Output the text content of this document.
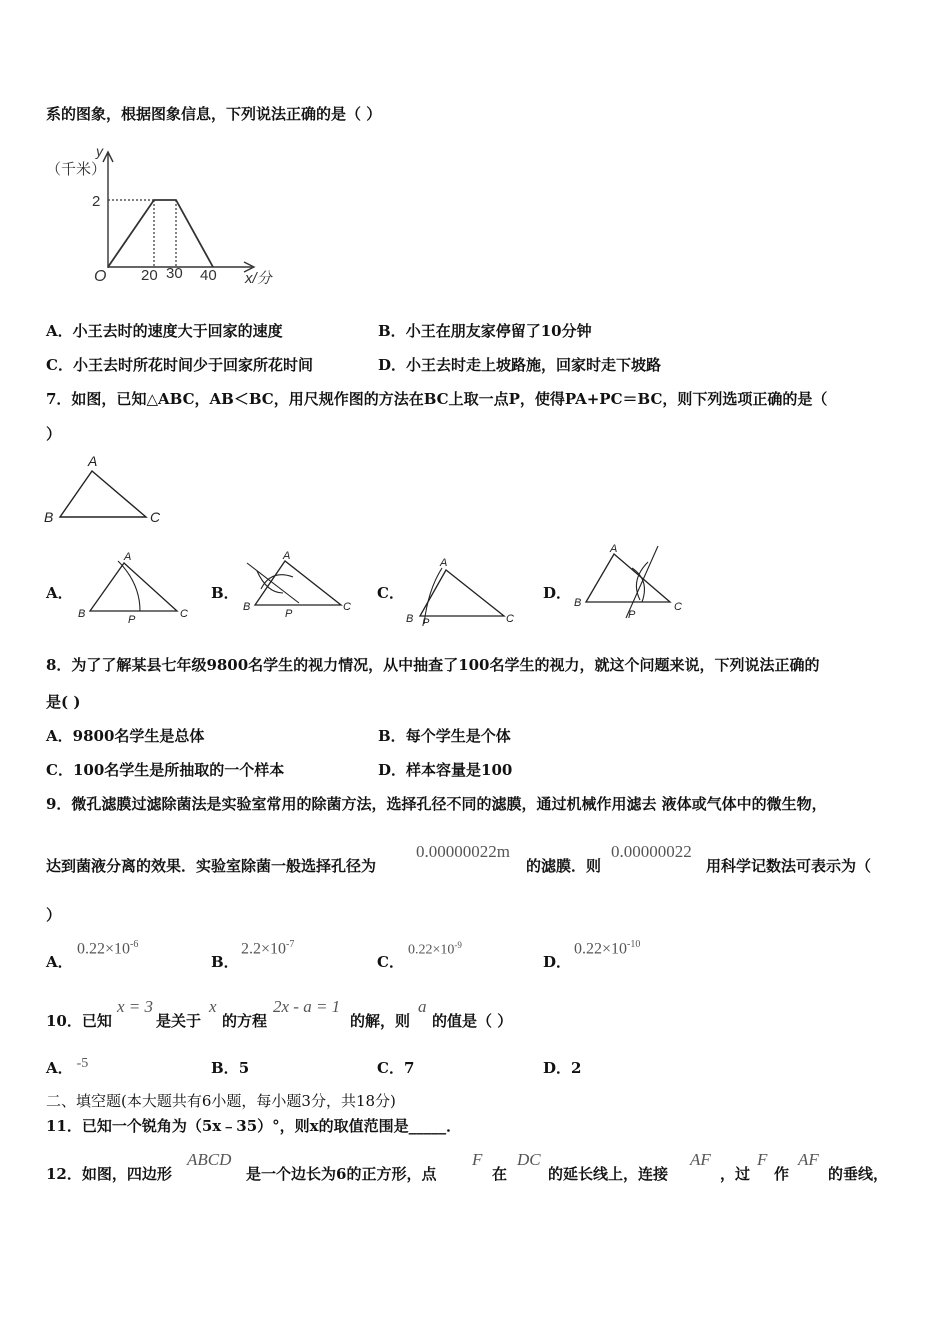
系的图象，根据图象信息，下列说法正确的是（ ）
（千米）
y
2
O 20 30 40 x/分
A．小王去时的速度大于回家的速度	B．小王在朋友家停留了10分钟
C．小王去时所花时间少于回家所花时间	D．小王去时走上坡路施，回家时走下坡路
7．如图，已知△ABC，AB＜BC，用尺规作图的方法在BC上取一点P，使得PA+PC＝BC，则下列选项正确的是（
）
A
B	C
A．	B．	C．	D．
A
B	C
P
A
B	C
P
A
B	C
P
A
B	C
P
8．为了了解某县七年级9800名学生的视力情况，从中抽查了100名学生的视力，就这个问题来说，下列说法正确的
是( )
A．9800名学生是总体	B．每个学生是个体
C．100名学生是所抽取的一个样本	D．样本容量是100
9．微孔滤膜过滤除菌法是实验室常用的除菌方法，选择孔径不同的滤膜，通过机械作用滤去 液体或气体中的微生物，
达到菌液分离的效果．实验室除菌一般选择孔径为
0.00000022m
的滤膜．则
0.00000022
用科学记数法可表示为（
）
A．
$0.22\times 10^{-6}$
B．
$2.2\times 10^{-7}$
C．
$0.22\times 10^{-9}$
D．
$0.22\times 10^{-10}$
10．已知
x = 3
是关于
x
的方程
2x - a = 1
的解，则
a
的值是（ ）
A． -5	B．5	C．7	D．2
二、填空题(本大题共有6小题，每小题3分，共18分)
11．已知一个锐角为（5x﹣35）°，则x的取值范围是_____．
12．如图，四边形
ABCD
是一个边长为6的正方形，点
F
在
DC
的延长线上，连接
AF
，过
F
作
AF
的垂线，
